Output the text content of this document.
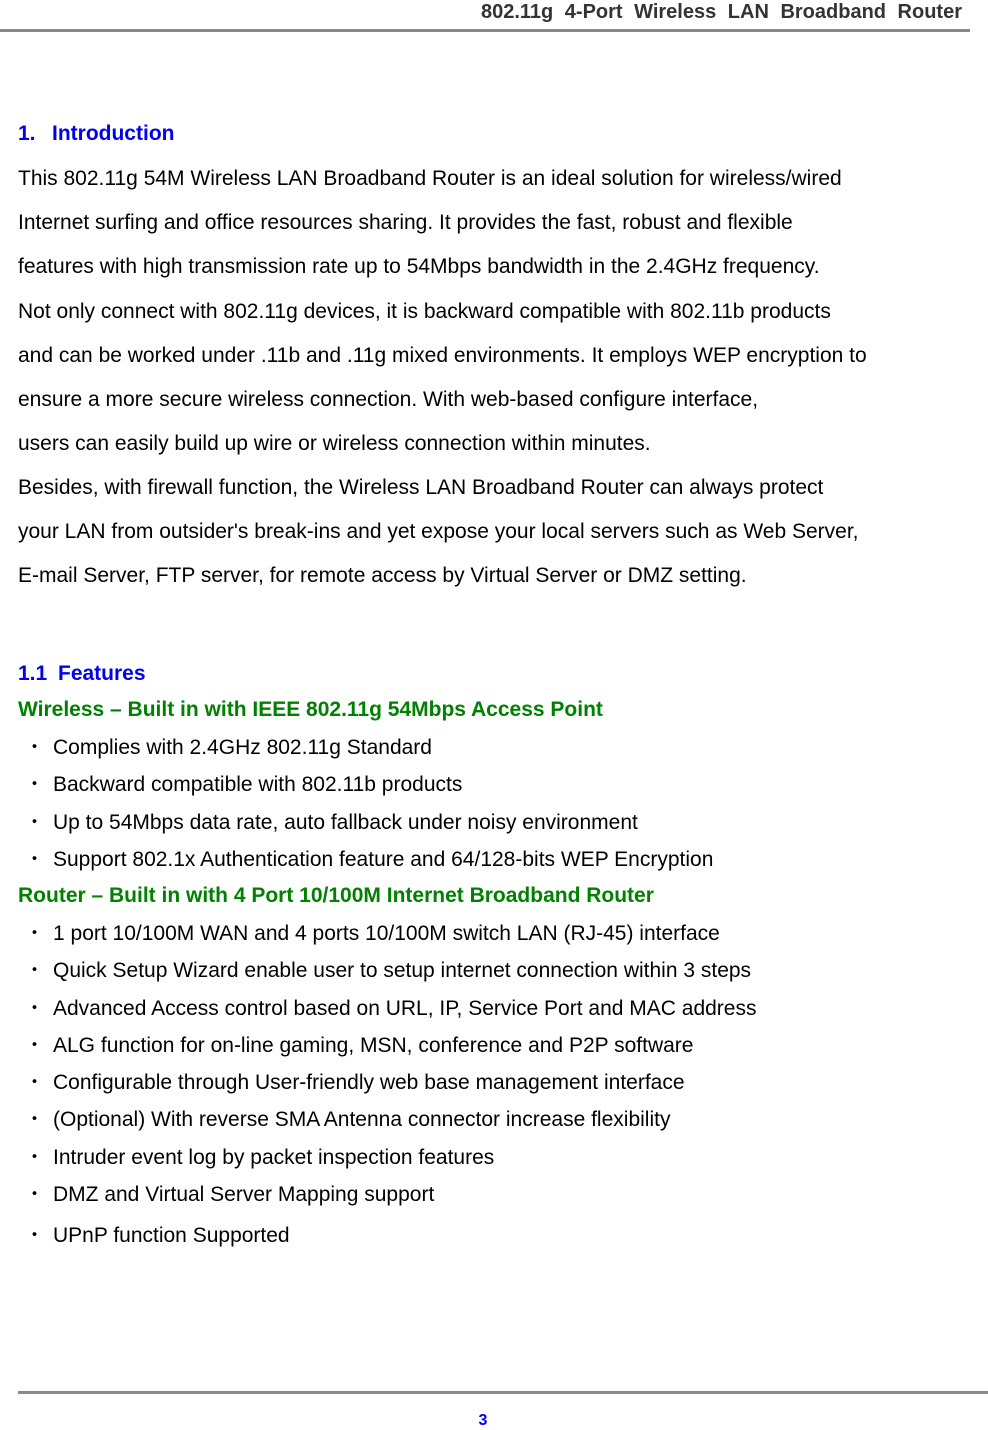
802.11g 4-Port Wireless LAN Broadband Router
1. Introduction
This 802.11g 54M Wireless LAN Broadband Router is an ideal solution for wireless/wired
Internet surfing and office resources sharing. It provides the fast, robust and flexible
features with high transmission rate up to 54Mbps bandwidth in the 2.4GHz frequency.
Not only connect with 802.11g devices, it is backward compatible with 802.11b products
and can be worked under .11b and .11g mixed environments. It employs WEP encryption to
ensure a more secure wireless connection. With web-based configure interface,
users can easily build up wire or wireless connection within minutes.
Besides, with firewall function, the Wireless LAN Broadband Router can always protect
your LAN from outsider's break-ins and yet expose your local servers such as Web Server,
E-mail Server, FTP server, for remote access by Virtual Server or DMZ setting.
1.1 Features
Wireless – Built in with IEEE 802.11g 54Mbps Access Point
・ Complies with 2.4GHz 802.11g Standard
・ Backward compatible with 802.11b products
・ Up to 54Mbps data rate, auto fallback under noisy environment
・ Support 802.1x Authentication feature and 64/128-bits WEP Encryption
Router – Built in with 4 Port 10/100M Internet Broadband Router
・ 1 port 10/100M WAN and 4 ports 10/100M switch LAN (RJ-45) interface
・ Quick Setup Wizard enable user to setup internet connection within 3 steps
・ Advanced Access control based on URL, IP, Service Port and MAC address
・ ALG function for on-line gaming, MSN, conference and P2P software
・ Configurable through User-friendly web base management interface
・ (Optional) With reverse SMA Antenna connector increase flexibility
・ Intruder event log by packet inspection features
・ DMZ and Virtual Server Mapping support
・ UPnP function Supported
3
